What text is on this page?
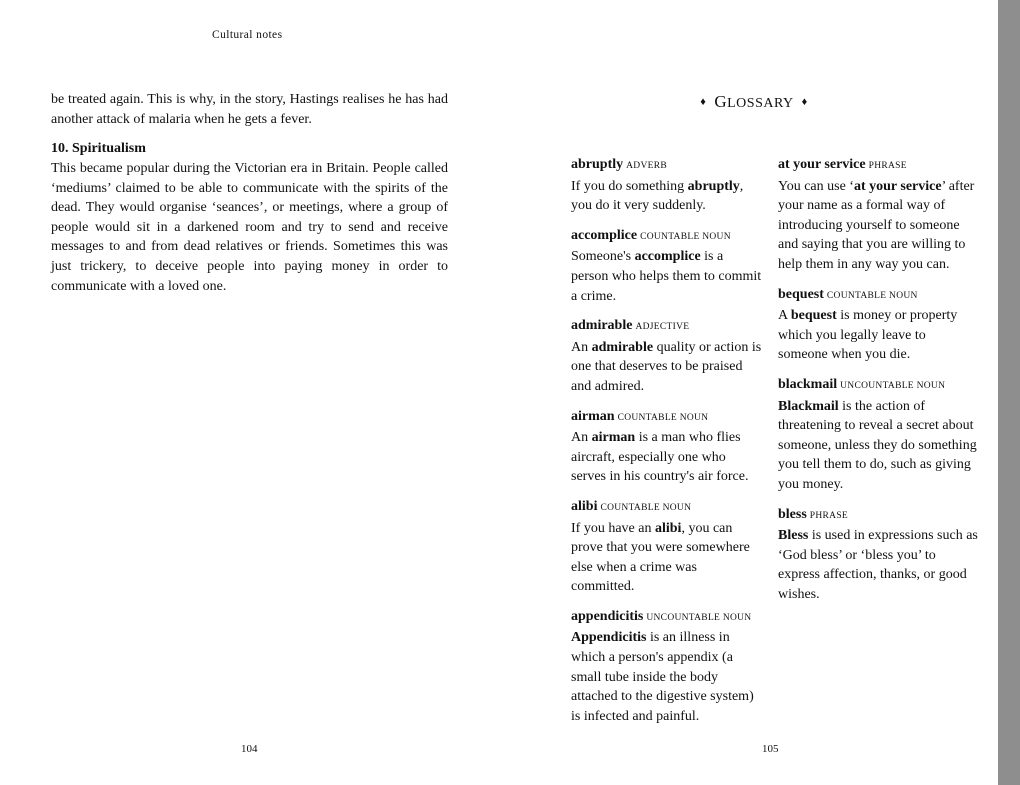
Cultural notes

be treated again. This is why, in the story, Hastings realises he has had another attack of malaria when he gets a fever.

10. Spiritualism

This became popular during the Victorian era in Britain. People called ‘mediums’ claimed to be able to communicate with the spirits of the dead. They would organise ‘seances’, or meetings, where a group of people would sit in a darkened room and try to send and receive messages to and from dead relatives or friends. Sometimes this was just trickery, to deceive people into paying money in order to communicate with a loved one.

104
♦ GLOSSARY ♦
abruptly ADVERB
If you do something abruptly, you do it very suddenly.
accomplice COUNTABLE NOUN
Someone's accomplice is a person who helps them to commit a crime.
admirable ADJECTIVE
An admirable quality or action is one that deserves to be praised and admired.
airman COUNTABLE NOUN
An airman is a man who flies aircraft, especially one who serves in his country's air force.
alibi COUNTABLE NOUN
If you have an alibi, you can prove that you were somewhere else when a crime was committed.
appendicitis UNCOUNTABLE NOUN
Appendicitis is an illness in which a person's appendix (a small tube inside the body attached to the digestive system) is infected and painful.
at your service PHRASE
You can use ‘at your service’ after your name as a formal way of introducing yourself to someone and saying that you are willing to help them in any way you can.
bequest COUNTABLE NOUN
A bequest is money or property which you legally leave to someone when you die.
blackmail UNCOUNTABLE NOUN
Blackmail is the action of threatening to reveal a secret about someone, unless they do something you tell them to do, such as giving you money.
bless PHRASE
Bless is used in expressions such as ‘God bless’ or ‘bless you’ to express affection, thanks, or good wishes.
105
